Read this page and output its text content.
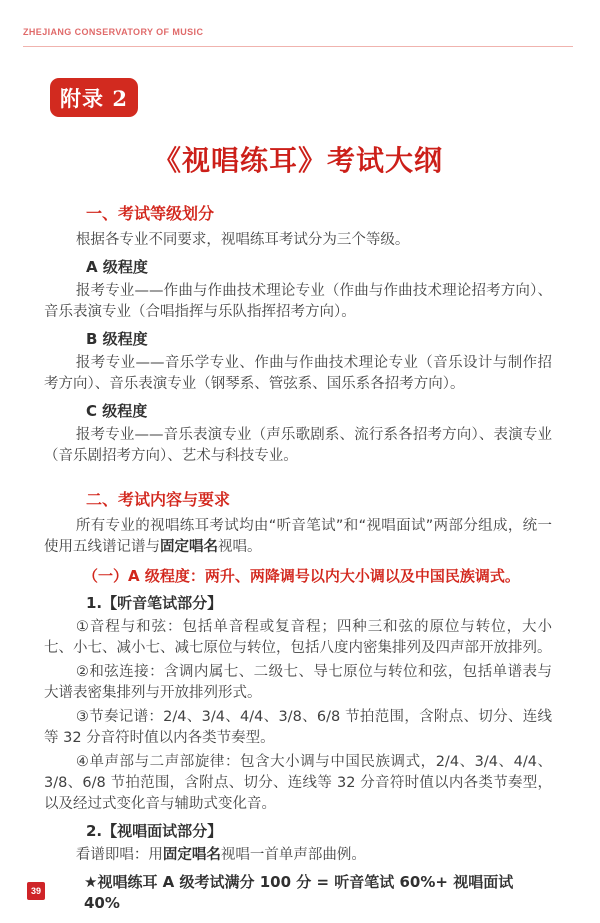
ZHEJIANG CONSERVATORY OF MUSIC
附录 2
《视唱练耳》考试大纲
一、考试等级划分

根据各专业不同要求，视唱练耳考试分为三个等级。

A 级程度

报考专业——作曲与作曲技术理论专业（作曲与作曲技术理论招考方向）、音乐表演专业（合唱指挥与乐队指挥招考方向）。

B 级程度

报考专业——音乐学专业、作曲与作曲技术理论专业（音乐设计与制作招考方向）、音乐表演专业（钢琴系、管弦系、国乐系各招考方向）。

C 级程度

报考专业——音乐表演专业（声乐歌剧系、流行系各招考方向）、表演专业（音乐剧招考方向）、艺术与科技专业。

二、考试内容与要求

所有专业的视唱练耳考试均由“听音笔试”和“视唱面试”两部分组成，统一使用五线谱记谱与固定唱名视唱。

（一）A 级程度：两升、两降调号以内大小调以及中国民族调式。
1.【听音笔试部分】

①音程与和弦：包括单音程或复音程；四种三和弦的原位与转位，大小七、小七、减小七、减七原位与转位，包括八度内密集排列及四声部开放排列。

②和弦连接：含调内属七、二级七、导七原位与转位和弦，包括单谱表与大谱表密集排列与开放排列形式。

③节奏记谱：2/4、3/4、4/4、3/8、6/8 节拍范围，含附点、切分、连线等 32 分音符时值以内各类节奏型。

④单声部与二声部旋律：包含大小调与中国民族调式，2/4、3/4、4/4、3/8、6/8 节拍范围，含附点、切分、连线等 32 分音符时值以内各类节奏型，以及经过式变化音与辅助式变化音。

2.【视唱面试部分】

看谱即唱：用固定唱名视唱一首单声部曲例。

★视唱练耳 A 级考试满分 100 分 = 听音笔试 60%+ 视唱面试 40%
39
